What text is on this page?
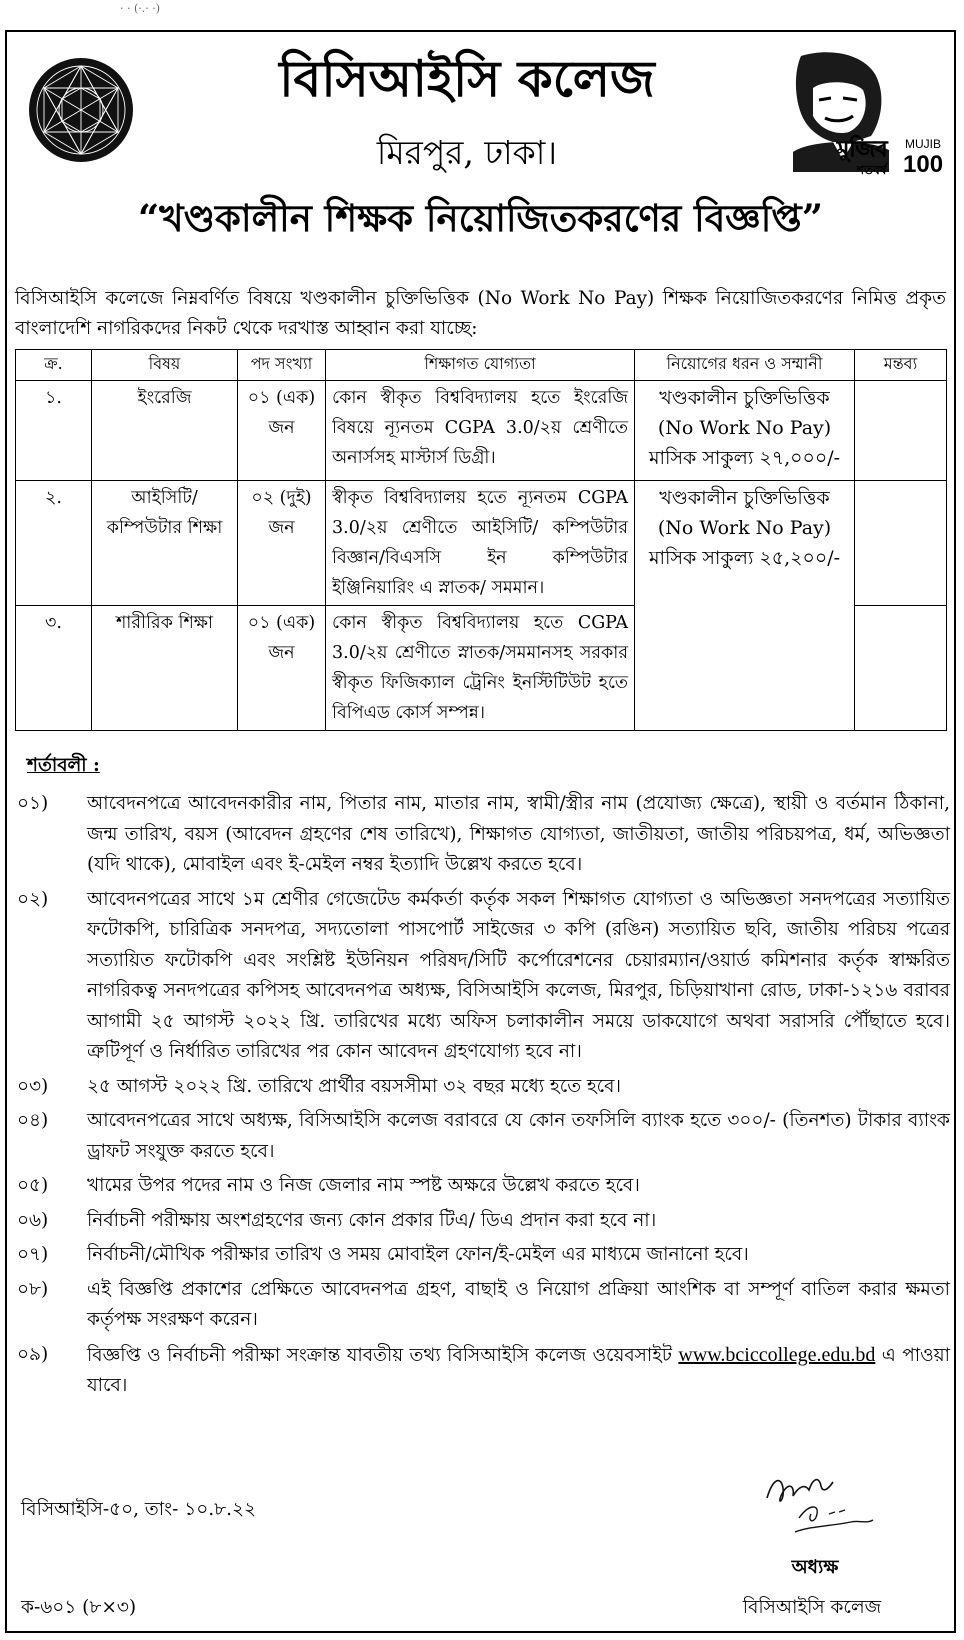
· · (·.· ·)
বিসিআইসি কলেজ
মিরপুর, ঢাকা।	মুজিব
শতবর্ষ
MUJIB
100
“খণ্ডকালীন শিক্ষক নিয়োজিতকরণের বিজ্ঞপ্তি”
বিসিআইসি কলেজে নিম্নবর্ণিত বিষয়ে খণ্ডকালীন চুক্তিভিত্তিক (No Work No Pay) শিক্ষক নিয়োজিতকরণের নিমিত্ত প্রকৃত বাংলাদেশি নাগরিকদের নিকট থেকে দরখাস্ত আহ্বান করা যাচ্ছে:
ক্র.	বিষয়	পদ সংখ্যা	শিক্ষাগত যোগ্যতা	নিয়োগের ধরন ও সম্মানী	মন্তব্য
১.	ইংরেজি	০১ (এক) জন	কোন স্বীকৃত বিশ্ববিদ্যালয় হতে ইংরেজি বিষয়ে ন্যূনতম CGPA 3.0/২য় শ্রেণীতে অনার্সসহ মাস্টার্স ডিগ্রী।	খণ্ডকালীন চুক্তিভিত্তিক (No Work No Pay) মাসিক সাকুল্য ২৭,০০০/-	
২.	আইসিটি/ কম্পিউটার শিক্ষা	০২ (দুই) জন	স্বীকৃত বিশ্ববিদ্যালয় হতে ন্যূনতম CGPA 3.0/২য় শ্রেণীতে আইসিটি/ কম্পিউটার বিজ্ঞান/বিএসসি ইন কম্পিউটার ইঞ্জিনিয়ারিং এ স্নাতক/ সমমান।	খণ্ডকালীন চুক্তিভিত্তিক (No Work No Pay) মাসিক সাকুল্য ২৫,২০০/-	
৩.	শারীরিক শিক্ষা	০১ (এক) জন	কোন স্বীকৃত বিশ্ববিদ্যালয় হতে CGPA 3.0/২য় শ্রেণীতে স্নাতক/সমমানসহ সরকার স্বীকৃত ফিজিক্যাল ট্রেনিং ইনস্টিটিউট হতে বিপিএড কোর্স সম্পন্ন।		
শর্তাবলী :
০১)	আবেদনপত্রে আবেদনকারীর নাম, পিতার নাম, মাতার নাম, স্বামী/স্ত্রীর নাম (প্রযোজ্য ক্ষেত্রে), স্থায়ী ও বর্তমান ঠিকানা, জন্ম তারিখ, বয়স (আবেদন গ্রহণের শেষ তারিখে), শিক্ষাগত যোগ্যতা, জাতীয়তা, জাতীয় পরিচয়পত্র, ধর্ম, অভিজ্ঞতা (যদি থাকে), মোবাইল এবং ই-মেইল নম্বর ইত্যাদি উল্লেখ করতে হবে।
০২)	আবেদনপত্রের সাথে ১ম শ্রেণীর গেজেটেড কর্মকর্তা কর্তৃক সকল শিক্ষাগত যোগ্যতা ও অভিজ্ঞতা সনদপত্রের সত্যায়িত ফটোকপি, চারিত্রিক সনদপত্র, সদ্যতোলা পাসপোর্ট সাইজের ৩ কপি (রঙিন) সত্যায়িত ছবি, জাতীয় পরিচয় পত্রের সত্যায়িত ফটোকপি এবং সংশ্লিষ্ট ইউনিয়ন পরিষদ/সিটি কর্পোরেশনের চেয়ারম্যান/ওয়ার্ড কমিশনার কর্তৃক স্বাক্ষরিত নাগরিকত্ব সনদপত্রের কপিসহ আবেদনপত্র অধ্যক্ষ, বিসিআইসি কলেজ, মিরপুর, চিড়িয়াখানা রোড, ঢাকা-১২১৬ বরাবর আগামী ২৫ আগস্ট ২০২২ খ্রি. তারিখের মধ্যে অফিস চলাকালীন সময়ে ডাকযোগে অথবা সরাসরি পৌঁছাতে হবে। ত্রুটিপূর্ণ ও নির্ধারিত তারিখের পর কোন আবেদন গ্রহণযোগ্য হবে না।
০৩)	২৫ আগস্ট ২০২২ খ্রি. তারিখে প্রার্থীর বয়সসীমা ৩২ বছর মধ্যে হতে হবে।
০৪)	আবেদনপত্রের সাথে অধ্যক্ষ, বিসিআইসি কলেজ বরাবরে যে কোন তফসিলি ব্যাংক হতে ৩০০/- (তিনশত) টাকার ব্যাংক ড্রাফট সংযুক্ত করতে হবে।
০৫)	খামের উপর পদের নাম ও নিজ জেলার নাম স্পষ্ট অক্ষরে উল্লেখ করতে হবে।
০৬)	নির্বাচনী পরীক্ষায় অংশগ্রহণের জন্য কোন প্রকার টিএ/ ডিএ প্রদান করা হবে না।
০৭)	নির্বাচনী/মৌখিক পরীক্ষার তারিখ ও সময় মোবাইল ফোন/ই-মেইল এর মাধ্যমে জানানো হবে।
০৮)	এই বিজ্ঞপ্তি প্রকাশের প্রেক্ষিতে আবেদনপত্র গ্রহণ, বাছাই ও নিয়োগ প্রক্রিয়া আংশিক বা সম্পূর্ণ বাতিল করার ক্ষমতা কর্তৃপক্ষ সংরক্ষণ করেন।
০৯)	বিজ্ঞপ্তি ও নির্বাচনী পরীক্ষা সংক্রান্ত যাবতীয় তথ্য বিসিআইসি কলেজ ওয়েবসাইট www.bciccollege.edu.bd এ পাওয়া যাবে।
বিসিআইসি-৫০, তাং- ১০.৮.২২
অধ্যক্ষ
ক-৬০১ (৮×৩)	বিসিআইসি কলেজ
